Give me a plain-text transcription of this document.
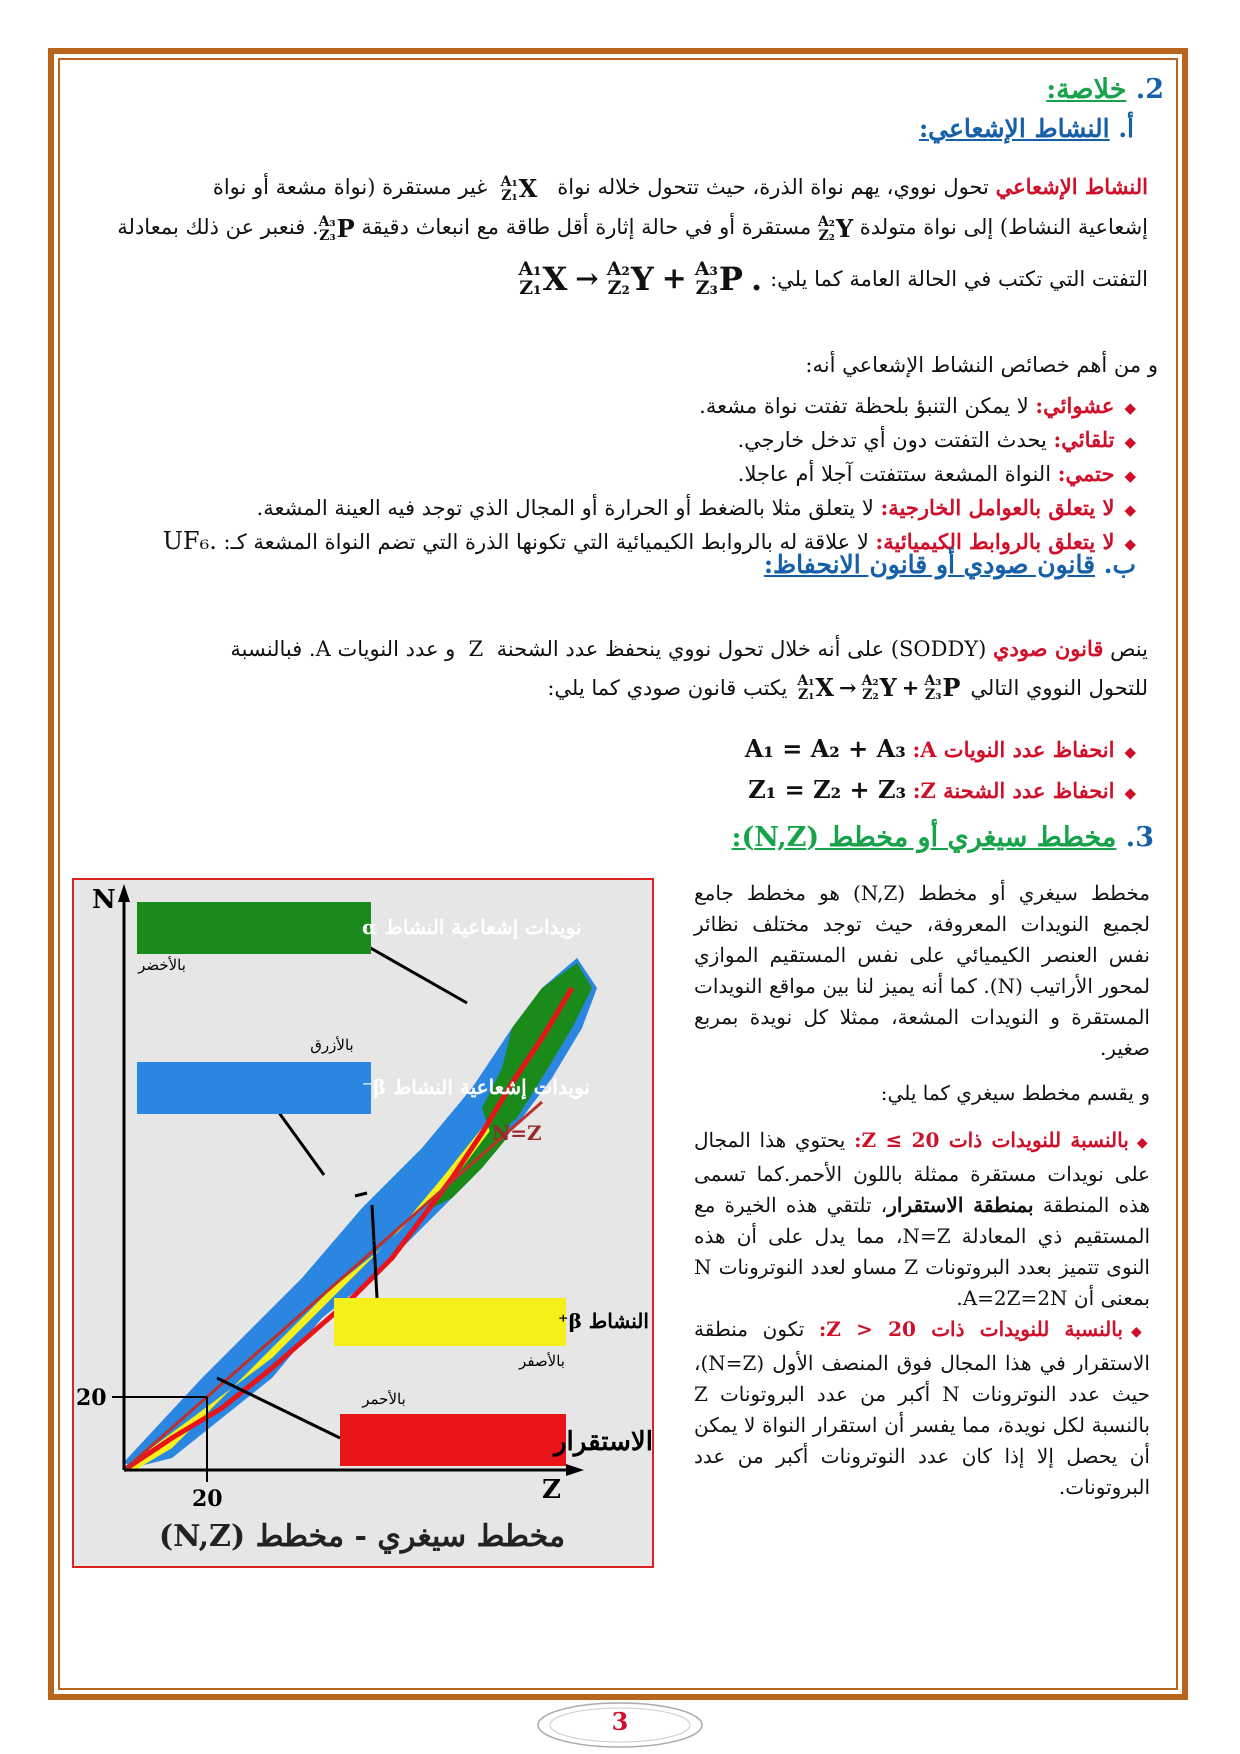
2. خلاصة:
أ. النشاط الإشعاعي:
النشاط الإشعاعي تحول نووي، يهم نواة الذرة، حيث تتحول خلاله نواة
A₁
Z₁ X
غير مستقرة (نواة مشعة أو نواة
إشعاعية النشاط) إلى نواة متولدة
A₂
Z₂ Y
مستقرة أو في حالة إثارة أقل طاقة مع انبعاث دقيقة
A₃
Z₃ P
. فنعبر عن ذلك بمعادلة
التفتت التي تكتب في الحالة العامة كما يلي:
A₁
Z₁ X → A₂
Z₂ Y + A₃
Z₃ P .
و من أهم خصائص النشاط الإشعاعي أنه:
◆عشوائي: لا يمكن التنبؤ بلحظة تفتت نواة مشعة.
◆تلقائي: يحدث التفتت دون أي تدخل خارجي.
◆حتمي: النواة المشعة ستتفتت آجلا أم عاجلا.
◆لا يتعلق بالعوامل الخارجية: لا يتعلق مثلا بالضغط أو الحرارة أو المجال الذي توجد فيه العينة المشعة.
◆لا يتعلق بالروابط الكيميائية: لا علاقة له بالروابط الكيميائية التي تكونها الذرة التي تضم النواة المشعة كـ: UF₆.
ب. قانون صودي أو قانون الانحفاظ:
ينص قانون صودي (SODDY) على أنه خلال تحول نووي ينحفظ عدد الشحنة  Z  و عدد النويات A. فبالنسبة
للتحول النووي التالي
A₁
Z₁ X → A₂
Z₂ Y + A₃
Z₃ P
يكتب قانون صودي كما يلي:
◆انحفاظ عدد النويات A: A₁ = A₂ + A₃
◆انحفاظ عدد الشحنة Z: Z₁ = Z₂ + Z₃
3. مخطط سيغري أو مخطط (N,Z):
مخطط سيغري أو مخطط (N,Z) هو مخطط جامع لجميع النويدات المعروفة، حيث توجد مختلف نظائر نفس العنصر الكيميائي على نفس المستقيم الموازي لمحور الأراتيب (N). كما أنه يميز لنا بين مواقع النويدات المستقرة و النويدات المشعة، ممثلا كل نويدة بمربع صغير.
و يقسم مخطط سيغري كما يلي:
◆بالنسبة للنويدات ذات Z ≤ 20: يحتوي هذا المجال على نويدات مستقرة ممثلة باللون الأحمر.كما تسمى هذه المنطقة بمنطقة الاستقرار، تلتقي هذه الخيرة مع المستقيم ذي المعادلة N=Z، مما يدل على أن هذه النوى تتميز بعدد البروتونات Z مساو لعدد النوترونات N بمعنى أن A=2Z=2N.
◆بالنسبة للنويدات ذات Z > 20: تكون منطقة الاستقرار في هذا المجال فوق المنصف الأول (N=Z)، حيث عدد النوترونات N أكبر من عدد البروتونات Z بالنسبة لكل نويدة، مما يفسر أن استقرار النواة لا يمكن أن يحصل إلا إذا كان عدد النوترونات أكبر من عدد البروتونات.
N=Z
N
Z
20
20
نويدات إشعاعية النشاط α
بالأخضر
نويدات إشعاعية النشاط β⁻
بالأزرق
النشاط β⁺
بالأصفر
الاستقرار
بالأحمر
مخطط سيغري - مخطط (N,Z)
3
